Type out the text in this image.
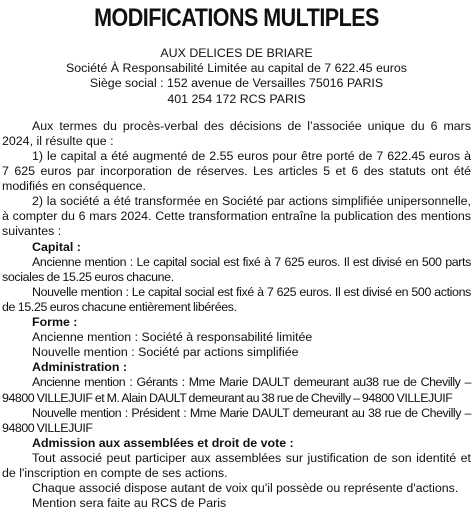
MODIFICATIONS MULTIPLES
AUX DELICES DE BRIARE
Société À Responsabilité Limitée au capital de 7 622.45 euros
Siège social : 152 avenue de Versailles 75016 PARIS
401 254 172 RCS PARIS

Aux termes du procès-verbal des décisions de l’associée unique du 6 mars 2024, il résulte que :

1) le capital a été augmenté de 2.55 euros pour être porté de 7 622.45 euros à 7 625 euros par incorporation de réserves. Les articles 5 et 6 des statuts ont été modifiés en conséquence.

2) la société a été transformée en Société par actions simplifiée unipersonnelle, à compter du 6 mars 2024. Cette transformation entraîne la publication des mentions suivantes :

Capital :

Ancienne mention : Le capital social est fixé à 7 625 euros. Il est divisé en 500 parts sociales de 15.25 euros chacune.

Nouvelle mention : Le capital social est fixé à 7 625 euros. Il est divisé en 500 actions de 15.25 euros chacune entièrement libérées.

Forme :

Ancienne mention : Société à responsabilité limitée

Nouvelle mention : Société par actions simplifiée

Administration :

Ancienne mention : Gérants : Mme Marie DAULT demeurant au38 rue de Chevilly – 94800 VILLEJUIF et M. Alain DAULT demeurant au 38 rue de Chevilly – 94800 VILLEJUIF

Nouvelle mention : Président : Mme Marie DAULT demeurant au 38 rue de Chevilly – 94800 VILLEJUIF

Admission aux assemblées et droit de vote :

Tout associé peut participer aux assemblées sur justification de son identité et de l'inscription en compte de ses actions.

Chaque associé dispose autant de voix qu'il possède ou représente d'actions.

Mention sera faite au RCS de Paris
